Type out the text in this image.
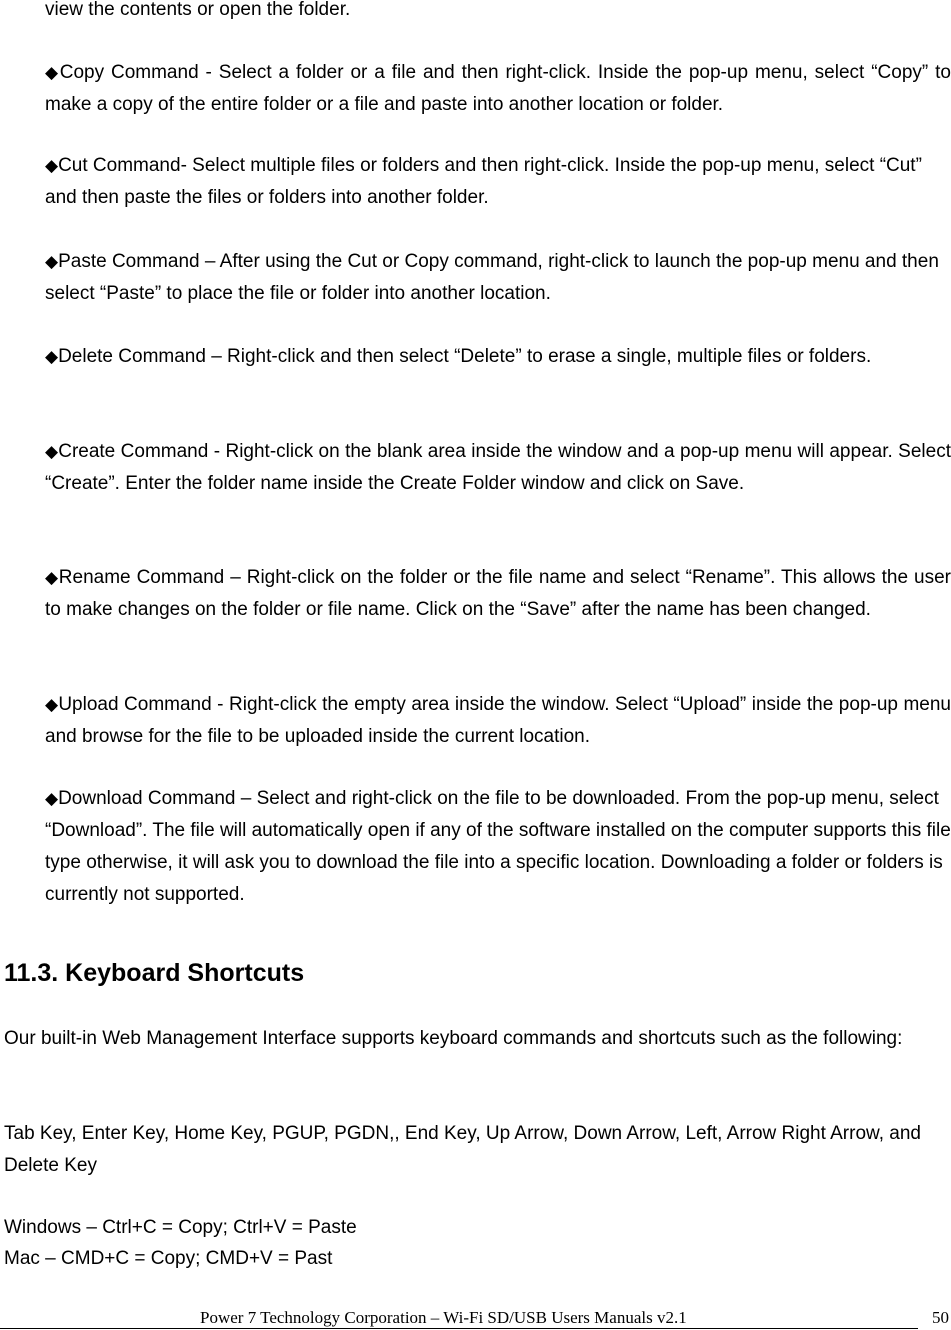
view the contents or open the folder.

◆Copy Command - Select a folder or a file and then right-click. Inside the pop-up menu, select “Copy” to make a copy of the entire folder or a file and paste into another location or folder.

◆Cut Command- Select multiple files or folders and then right-click. Inside the pop-up menu, select “Cut” and then paste the files or folders into another folder.

◆Paste Command – After using the Cut or Copy command, right-click to launch the pop-up menu and then select “Paste” to place the file or folder into another location.

◆Delete Command – Right-click and then select “Delete” to erase a single, multiple files or folders.

◆Create Command - Right-click on the blank area inside the window and a pop-up menu will appear. Select “Create”. Enter the folder name inside the Create Folder window and click on Save.

◆Rename Command – Right-click on the folder or the file name and select “Rename”. This allows the user to make changes on the folder or file name. Click on the “Save” after the name has been changed.

◆Upload Command - Right-click the empty area inside the window. Select “Upload” inside the pop-up menu and browse for the file to be uploaded inside the current location.

◆Download Command – Select and right-click on the file to be downloaded. From the pop-up menu, select “Download”. The file will automatically open if any of the software installed on the computer supports this file type otherwise, it will ask you to download the file into a specific location. Downloading a folder or folders is currently not supported.

11.3. Keyboard Shortcuts

Our built-in Web Management Interface supports keyboard commands and shortcuts such as the following:

Tab Key, Enter Key, Home Key, PGUP, PGDN,, End Key, Up Arrow, Down Arrow, Left, Arrow Right Arrow, and Delete Key

Windows – Ctrl+C = Copy; Ctrl+V = Paste

Mac – CMD+C = Copy; CMD+V = Past

Power 7 Technology Corporation – Wi-Fi SD/USB Users Manuals v2.1	50
